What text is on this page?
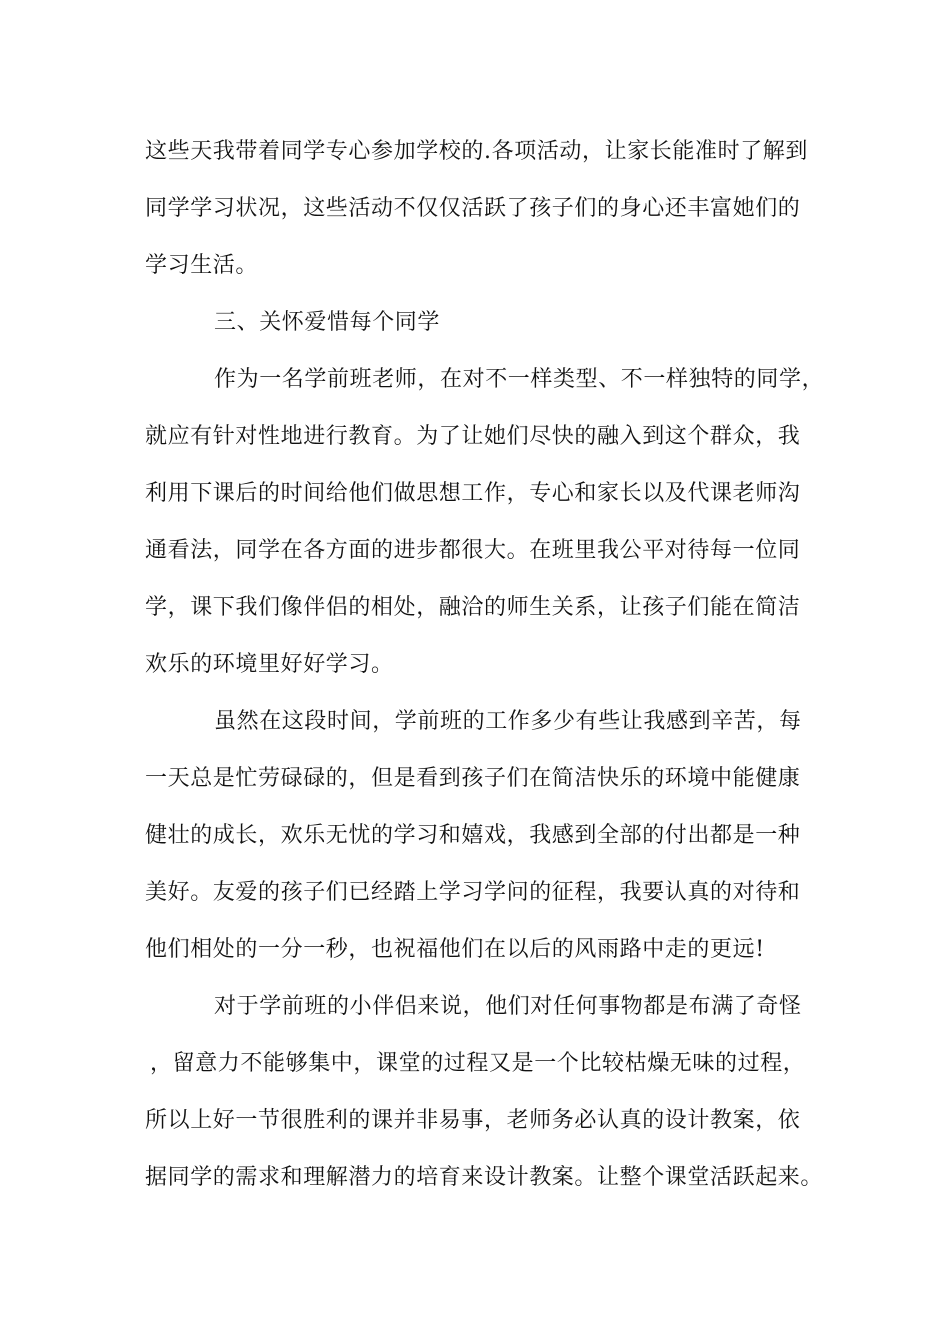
这些天我带着同学专心参加学校的.各项活动，让家长能准时了解到
同学学习状况，这些活动不仅仅活跃了孩子们的身心还丰富她们的
学习生活。
三、关怀爱惜每个同学
作为一名学前班老师，在对不一样类型、不一样独特的同学，
就应有针对性地进行教育。为了让她们尽快的融入到这个群众，我
利用下课后的时间给他们做思想工作，专心和家长以及代课老师沟
通看法，同学在各方面的进步都很大。在班里我公平对待每一位同
学，课下我们像伴侣的相处，融洽的师生关系，让孩子们能在简洁
欢乐的环境里好好学习。
虽然在这段时间，学前班的工作多少有些让我感到辛苦，每
一天总是忙劳碌碌的，但是看到孩子们在简洁快乐的环境中能健康
健壮的成长，欢乐无忧的学习和嬉戏，我感到全部的付出都是一种
美好。友爱的孩子们已经踏上学习学问的征程，我要认真的对待和
他们相处的一分一秒，也祝福他们在以后的风雨路中走的更远!
对于学前班的小伴侣来说，他们对任何事物都是布满了奇怪
，留意力不能够集中，课堂的过程又是一个比较枯燥无味的过程，
所以上好一节很胜利的课并非易事，老师务必认真的设计教案，依
据同学的需求和理解潜力的培育来设计教案。让整个课堂活跃起来。
